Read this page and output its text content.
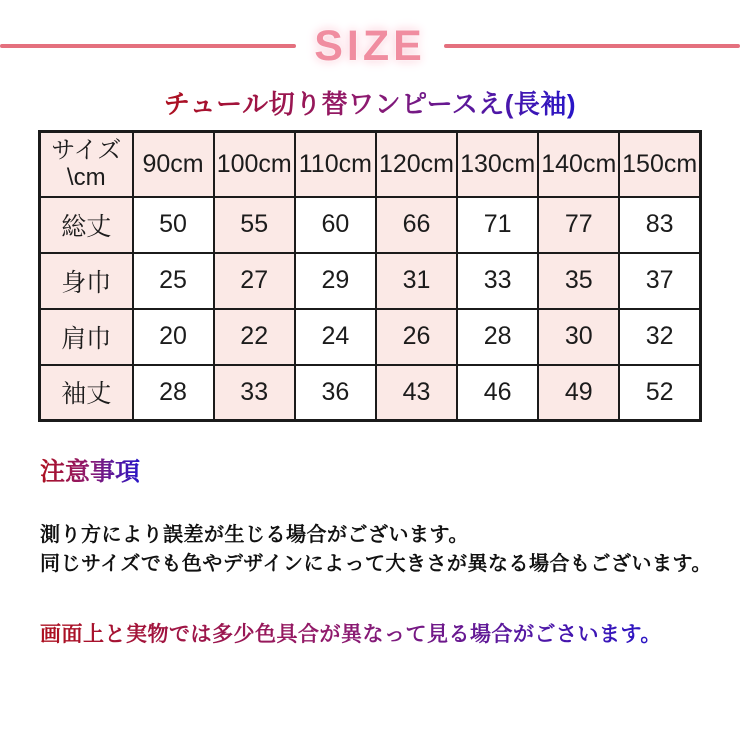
SIZE
チュール切り替ワンピースえ(長袖)
サイズ
\cm	90cm	100cm	110cm	120cm	130cm	140cm	150cm
総丈	50	55	60	66	71	77	83
身巾	25	27	29	31	33	35	37
肩巾	20	22	24	26	28	30	32
袖丈	28	33	36	43	46	49	52
注意事項
測り方により誤差が生じる場合がございます。
同じサイズでも色やデザインによって大きさが異なる場合もございます。
画面上と実物では多少色具合が異なって見る場合がごさいます。
